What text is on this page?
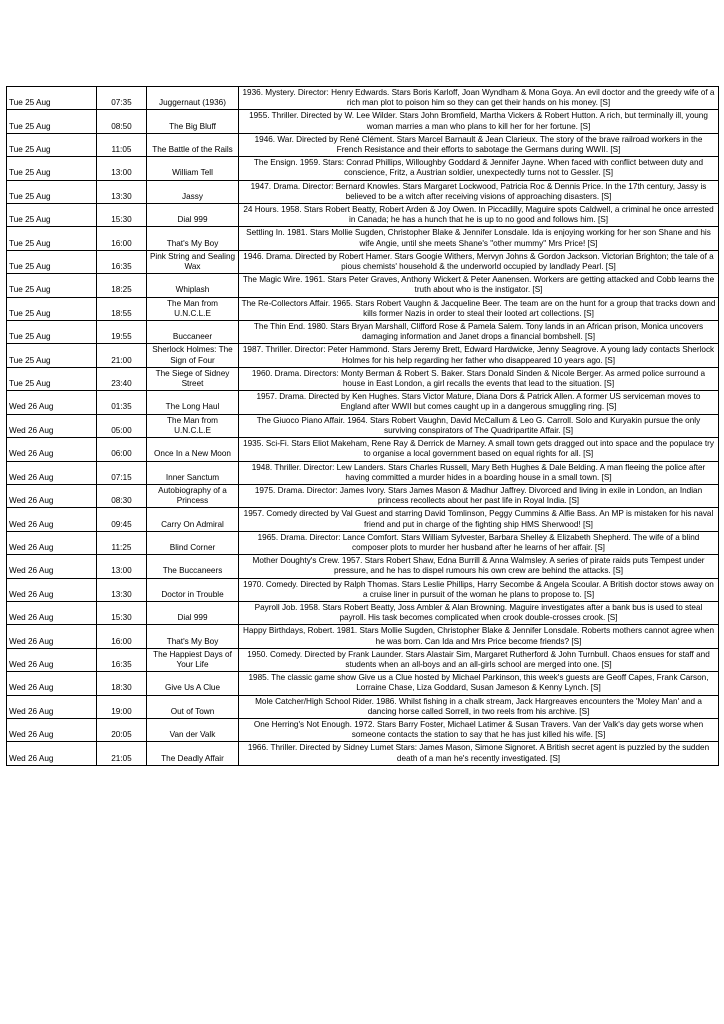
Tue 25 Aug	07:35	Juggernaut (1936)	1936. Mystery. Director: Henry Edwards. Stars Boris Karloff, Joan Wyndham & Mona Goya. An evil doctor and the greedy wife of a rich man plot to poison him so they can get their hands on his money. [S]
Tue 25 Aug	08:50	The Big Bluff	1955. Thriller. Directed by W. Lee Wilder. Stars John Bromfield, Martha Vickers & Robert Hutton. A rich, but terminally ill, young woman marries a man who plans to kill her for her fortune. [S]
Tue 25 Aug	11:05	The Battle of the Rails	1946. War. Directed by René Clément. Stars Marcel Barnault & Jean Clarieux. The story of the brave railroad workers in the French Resistance and their efforts to sabotage the Germans during WWII. [S]
Tue 25 Aug	13:00	William Tell	The Ensign. 1959. Stars: Conrad Phillips, Willoughby Goddard & Jennifer Jayne. When faced with conflict between duty and conscience, Fritz, a Austrian soldier, unexpectedly turns not to Gessler. [S]
Tue 25 Aug	13:30	Jassy	1947. Drama. Director: Bernard Knowles. Stars Margaret Lockwood, Patricia Roc & Dennis Price. In the 17th century, Jassy is believed to be a witch after receiving visions of approaching disasters. [S]
Tue 25 Aug	15:30	Dial 999	24 Hours. 1958. Stars Robert Beatty, Robert Arden & Joy Owen. In Piccadilly, Maguire spots Caldwell, a criminal he once arrested in Canada; he has a hunch that he is up to no good and follows him. [S]
Tue 25 Aug	16:00	That's My Boy	Settling In. 1981. Stars Mollie Sugden, Christopher Blake & Jennifer Lonsdale. Ida is enjoying working for her son Shane and his wife Angie, until she meets Shane's "other mummy" Mrs Price! [S]
Tue 25 Aug	16:35	Pink String and Sealing Wax	1946. Drama. Directed by Robert Hamer. Stars Googie Withers, Mervyn Johns & Gordon Jackson. Victorian Brighton; the tale of a pious chemists' household & the underworld occupied by landlady Pearl. [S]
Tue 25 Aug	18:25	Whiplash	The Magic Wire. 1961. Stars Peter Graves, Anthony Wickert & Peter Aanensen. Workers are getting attacked and Cobb learns the truth about who is the instigator. [S]
Tue 25 Aug	18:55	The Man from U.N.C.L.E	The Re-Collectors Affair. 1965. Stars Robert Vaughn & Jacqueline Beer. The team are on the hunt for a group that tracks down and kills former Nazis in order to steal their looted art collections. [S]
Tue 25 Aug	19:55	Buccaneer	The Thin End. 1980. Stars Bryan Marshall, Clifford Rose & Pamela Salem. Tony lands in an African prison, Monica uncovers damaging information and Janet drops a financial bombshell. [S]
Tue 25 Aug	21:00	Sherlock Holmes: The Sign of Four	1987. Thriller. Director: Peter Hammond. Stars Jeremy Brett, Edward Hardwicke, Jenny Seagrove. A young lady contacts Sherlock Holmes for his help regarding her father who disappeared 10 years ago. [S]
Tue 25 Aug	23:40	The Siege of Sidney Street	1960. Drama. Directors: Monty Berman & Robert S. Baker. Stars Donald Sinden & Nicole Berger. As armed police surround a house in East London, a girl recalls the events that lead to the situation. [S]
Wed 26 Aug	01:35	The Long Haul	1957. Drama. Directed by Ken Hughes. Stars Victor Mature, Diana Dors & Patrick Allen. A former US serviceman moves to England after WWII but comes caught up in a dangerous smuggling ring. [S]
Wed 26 Aug	05:00	The Man from U.N.C.L.E	The Giuoco Piano Affair. 1964. Stars Robert Vaughn, David McCallum & Leo G. Carroll. Solo and Kuryakin pursue the only surviving conspirators of The Quadripartite Affair. [S]
Wed 26 Aug	06:00	Once In a New Moon	1935. Sci-Fi. Stars Eliot Makeham, Rene Ray & Derrick de Marney. A small town gets dragged out into space and the populace try to organise a local government based on equal rights for all. [S]
Wed 26 Aug	07:15	Inner Sanctum	1948. Thriller. Director: Lew Landers. Stars Charles Russell, Mary Beth Hughes & Dale Belding. A man fleeing the police after having committed a murder hides in a boarding house in a small town. [S]
Wed 26 Aug	08:30	Autobiography of a Princess	1975. Drama. Director: James Ivory. Stars James Mason & Madhur Jaffrey. Divorced and living in exile in London, an Indian princess recollects about her past life in Royal India. [S]
Wed 26 Aug	09:45	Carry On Admiral	1957. Comedy directed by Val Guest and starring David Tomlinson, Peggy Cummins & Alfie Bass. An MP is mistaken for his naval friend and put in charge of the fighting ship HMS Sherwood! [S]
Wed 26 Aug	11:25	Blind Corner	1965. Drama. Director: Lance Comfort. Stars William Sylvester, Barbara Shelley & Elizabeth Shepherd. The wife of a blind composer plots to murder her husband after he learns of her affair. [S]
Wed 26 Aug	13:00	The Buccaneers	Mother Doughty's Crew. 1957. Stars Robert Shaw, Edna Burrill & Anna Walmsley. A series of pirate raids puts Tempest under pressure, and he has to dispel rumours his own crew are behind the attacks. [S]
Wed 26 Aug	13:30	Doctor in Trouble	1970. Comedy. Directed by Ralph Thomas. Stars Leslie Phillips, Harry Secombe & Angela Scoular. A British doctor stows away on a cruise liner in pursuit of the woman he plans to propose to. [S]
Wed 26 Aug	15:30	Dial 999	Payroll Job. 1958. Stars Robert Beatty, Joss Ambler & Alan Browning. Maguire investigates after a bank bus is used to steal payroll. His task becomes complicated when crook double-crosses crook. [S]
Wed 26 Aug	16:00	That's My Boy	Happy Birthdays, Robert. 1981. Stars Mollie Sugden, Christopher Blake & Jennifer Lonsdale. Roberts mothers cannot agree when he was born. Can Ida and Mrs Price become friends? [S]
Wed 26 Aug	16:35	The Happiest Days of Your Life	1950. Comedy. Directed by Frank Launder. Stars Alastair Sim, Margaret Rutherford & John Turnbull. Chaos ensues for staff and students when an all-boys and an all-girls school are merged into one. [S]
Wed 26 Aug	18:30	Give Us A Clue	1985. The classic game show Give us a Clue hosted by Michael Parkinson, this week's guests are Geoff Capes, Frank Carson, Lorraine Chase, Liza Goddard, Susan Jameson & Kenny Lynch. [S]
Wed 26 Aug	19:00	Out of Town	Mole Catcher/High School Rider. 1986. Whilst fishing in a chalk stream, Jack Hargreaves encounters the 'Moley Man' and a dancing horse called Sorrell, in two reels from his archive. [S]
Wed 26 Aug	20:05	Van der Valk	One Herring's Not Enough. 1972. Stars Barry Foster, Michael Latimer & Susan Travers. Van der Valk's day gets worse when someone contacts the station to say that he has just killed his wife. [S]
Wed 26 Aug	21:05	The Deadly Affair	1966. Thriller. Directed by Sidney Lumet Stars: James Mason, Simone Signoret. A British secret agent is puzzled by the sudden death of a man he's recently investigated. [S]
